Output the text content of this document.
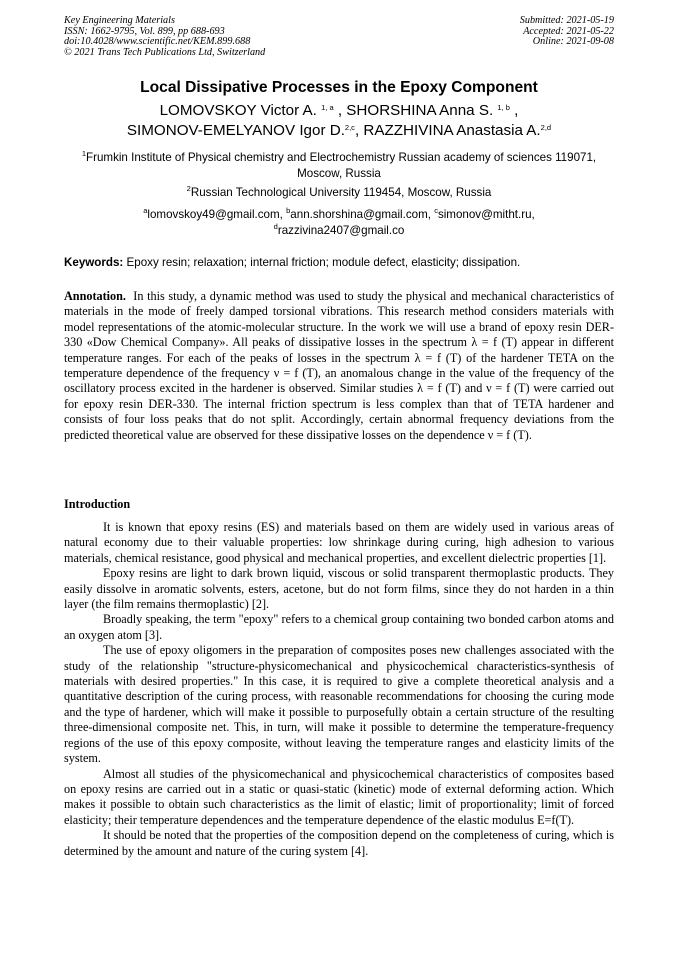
Key Engineering Materials
ISSN: 1662-9795, Vol. 899, pp 688-693
doi:10.4028/www.scientific.net/KEM.899.688
© 2021 Trans Tech Publications Ltd, Switzerland
Submitted: 2021-05-19
Accepted: 2021-05-22
Online: 2021-09-08
Local Dissipative Processes in the Epoxy Component
LOMOVSKOY Victor A. $^{1, a}$ , SHORSHINA Anna S. $^{1, b}$ ,
SIMONOV-EMELYANOV Igor D.$^{2,c}$, RAZZHIVINA Anastasia A.$^{2,d}$
$^1$Frumkin Institute of Physical chemistry and Electrochemistry Russian academy of sciences 119071, Moscow, Russia
$^2$Russian Technological University 119454, Moscow, Russia
$^a$lomovskoy49@gmail.com, $^b$ann.shorshina@gmail.com, $^c$simonov@mitht.ru,
$^d$razzivina2407@gmail.co
Keywords: Epoxy resin; relaxation; internal friction; module defect, elasticity; dissipation.
Annotation. In this study, a dynamic method was used to study the physical and mechanical characteristics of materials in the mode of freely damped torsional vibrations. This research method considers materials with model representations of the atomic-molecular structure. In the work we will use a brand of epoxy resin DER-330 «Dow Chemical Company». All peaks of dissipative losses in the spectrum λ = f (T) appear in different temperature ranges. For each of the peaks of losses in the spectrum λ = f (T) of the hardener TETA on the temperature dependence of the frequency ν = f (T), an anomalous change in the value of the frequency of the oscillatory process excited in the hardener is observed. Similar studies λ = f (T) and ν = f (T) were carried out for epoxy resin DER-330. The internal friction spectrum is less complex than that of TETA hardener and consists of four loss peaks that do not split. Accordingly, certain abnormal frequency deviations from the predicted theoretical value are observed for these dissipative losses on the dependence ν = f (T).
Introduction

It is known that epoxy resins (ES) and materials based on them are widely used in various areas of natural economy due to their valuable properties: low shrinkage during curing, high adhesion to various materials, chemical resistance, good physical and mechanical properties, and excellent dielectric properties [1].

Epoxy resins are light to dark brown liquid, viscous or solid transparent thermoplastic products. They easily dissolve in aromatic solvents, esters, acetone, but do not form films, since they do not harden in a thin layer (the film remains thermoplastic) [2].

Broadly speaking, the term "epoxy" refers to a chemical group containing two bonded carbon atoms and an oxygen atom [3].

The use of epoxy oligomers in the preparation of composites poses new challenges associated with the study of the relationship "structure-physicomechanical and physicochemical characteristics-synthesis of materials with desired properties." In this case, it is required to give a complete theoretical analysis and a quantitative description of the curing process, with reasonable recommendations for choosing the curing mode and the type of hardener, which will make it possible to purposefully obtain a certain structure of the resulting three-dimensional composite net. This, in turn, will make it possible to determine the temperature-frequency regions of the use of this epoxy composite, without leaving the temperature ranges and elasticity limits of the system.

Almost all studies of the physicomechanical and physicochemical characteristics of composites based on epoxy resins are carried out in a static or quasi-static (kinetic) mode of external deforming action. Which makes it possible to obtain such characteristics as the limit of elastic; limit of proportionality; limit of forced elasticity; their temperature dependences and the temperature dependence of the elastic modulus E=f(T).

It should be noted that the properties of the composition depend on the completeness of curing, which is determined by the amount and nature of the curing system [4].
